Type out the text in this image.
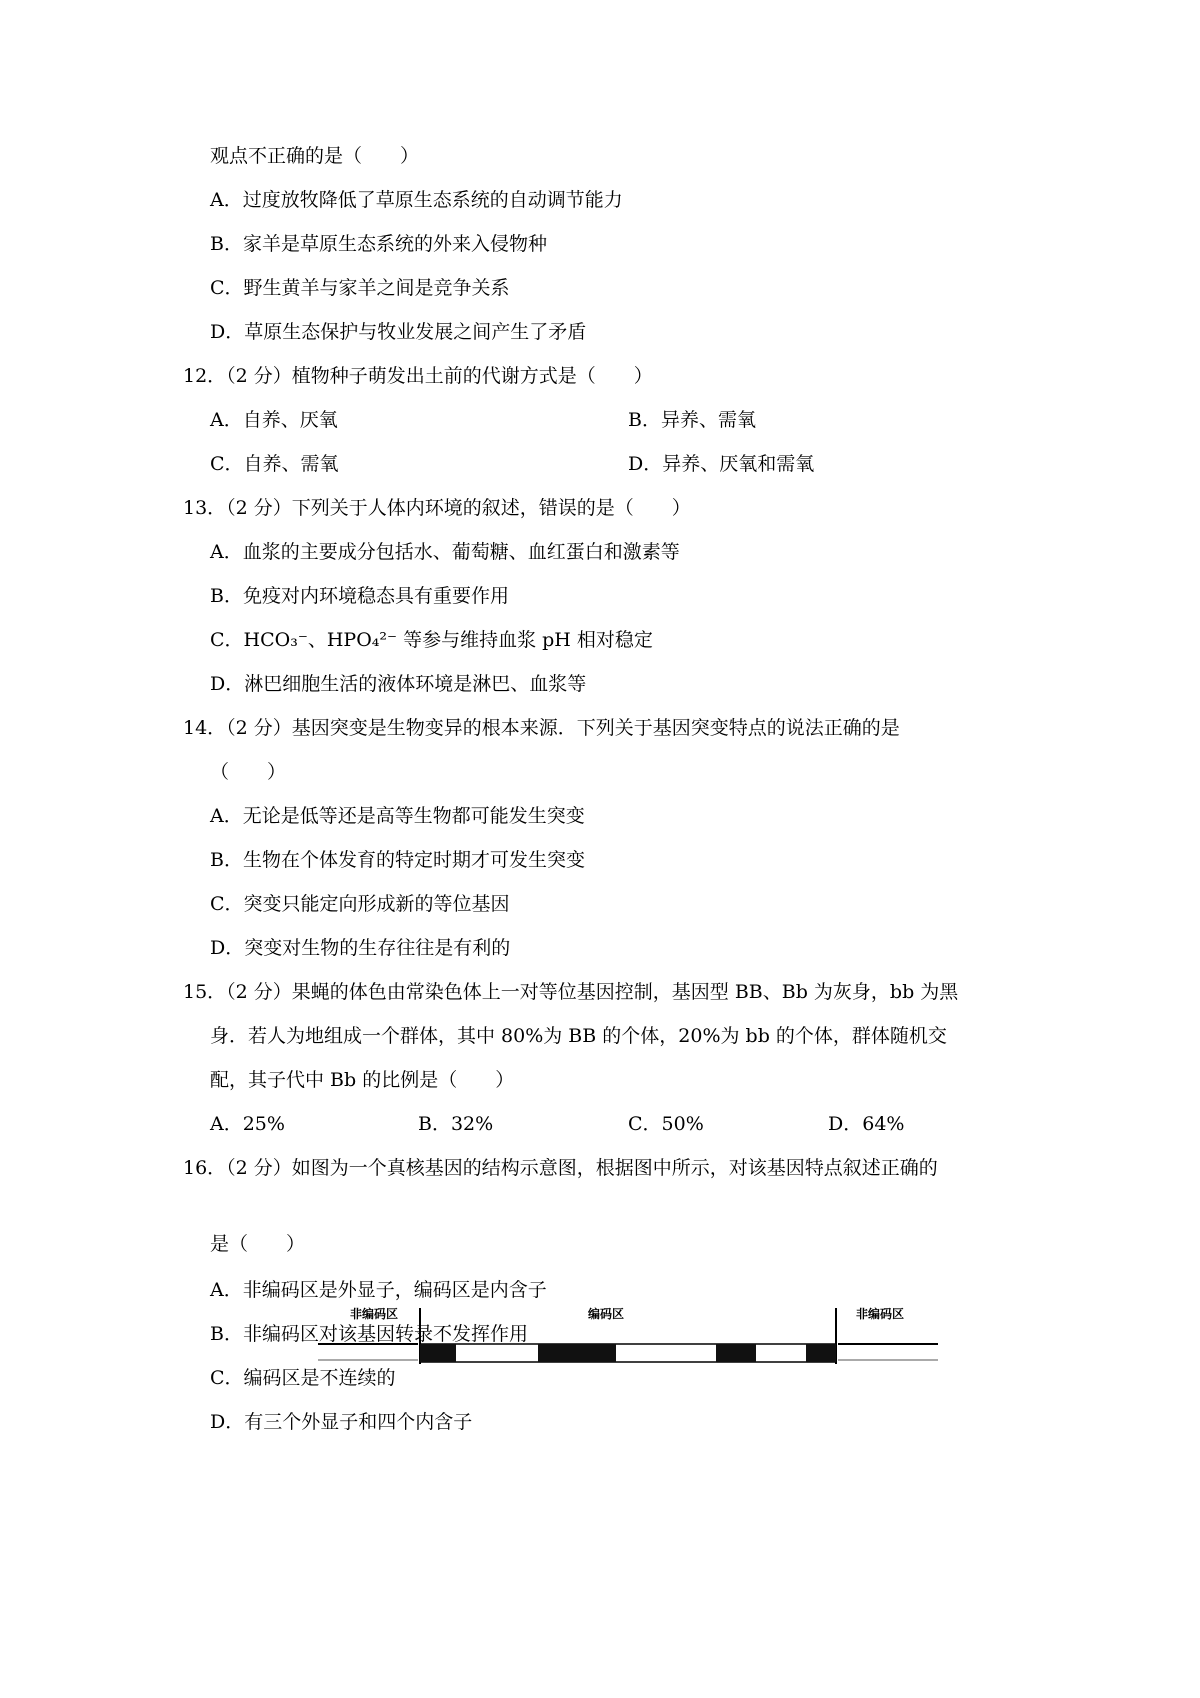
观点不正确的是（　　）
A．过度放牧降低了草原生态系统的自动调节能力
B．家羊是草原生态系统的外来入侵物种
C．野生黄羊与家羊之间是竞争关系
D．草原生态保护与牧业发展之间产生了矛盾
12．（2 分）植物种子萌发出土前的代谢方式是（　　）
A．自养、厌氧	B．异养、需氧
C．自养、需氧	D．异养、厌氧和需氧
13．（2 分）下列关于人体内环境的叙述，错误的是（　　）
A．血浆的主要成分包括水、葡萄糖、血红蛋白和激素等
B．免疫对内环境稳态具有重要作用
C．HCO₃⁻、HPO₄²⁻ 等参与维持血浆 pH 相对稳定
D．淋巴细胞生活的液体环境是淋巴、血浆等
14．（2 分）基因突变是生物变异的根本来源．下列关于基因突变特点的说法正确的是
（　　）
A．无论是低等还是高等生物都可能发生突变
B．生物在个体发育的特定时期才可发生突变
C．突变只能定向形成新的等位基因
D．突变对生物的生存往往是有利的
15．（2 分）果蝇的体色由常染色体上一对等位基因控制，基因型 BB、Bb 为灰身，bb 为黑
身．若人为地组成一个群体，其中 80%为 BB 的个体，20%为 bb 的个体，群体随机交
配，其子代中 Bb 的比例是（　　）
A．25%	B．32%	C．50%	D．64%
16．（2 分）如图为一个真核基因的结构示意图，根据图中所示，对该基因特点叙述正确的
非编码区	编码区	非编码区
是（　　）
A．非编码区是外显子，编码区是内含子
B．非编码区对该基因转录不发挥作用
C．编码区是不连续的
D．有三个外显子和四个内含子
